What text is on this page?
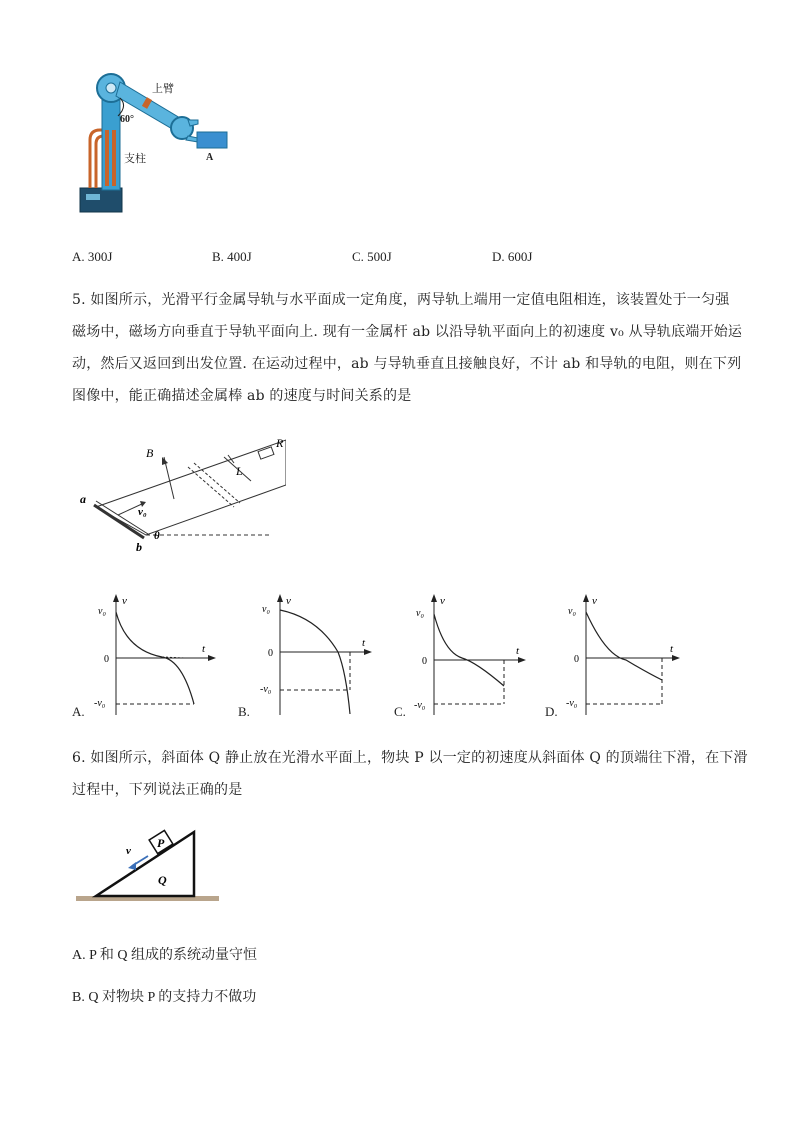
上臂
60°
支柱	A
A. 300J	B. 400J	C. 500J	D. 600J
5. 如图所示，光滑平行金属导轨与水平面成一定角度，两导轨上端用一定值电阻相连，该装置处于一匀强
磁场中，磁场方向垂直于导轨平面向上. 现有一金属杆 ab 以沿导轨平面向上的初速度 v₀ 从导轨底端开始运
动，然后又返回到出发位置. 在运动过程中，ab 与导轨垂直且接触良好，不计 ab 和导轨的电阻，则在下列
图像中，能正确描述金属棒 ab 的速度与时间关系的是
B
R
L
a
b
v₀
θ
v
t
v₀
0
-v₀
A.
v
t
v₀
0
-v₀
B.
v
t
v₀
0
-v₀
C.
v
t
v₀
0
-v₀
D.
6. 如图所示，斜面体 Q 静止放在光滑水平面上，物块 P 以一定的初速度从斜面体 Q 的顶端往下滑，在下滑
过程中，下列说法正确的是
P
Q
v
A. P 和 Q 组成的系统动量守恒
B. Q 对物块 P 的支持力不做功
